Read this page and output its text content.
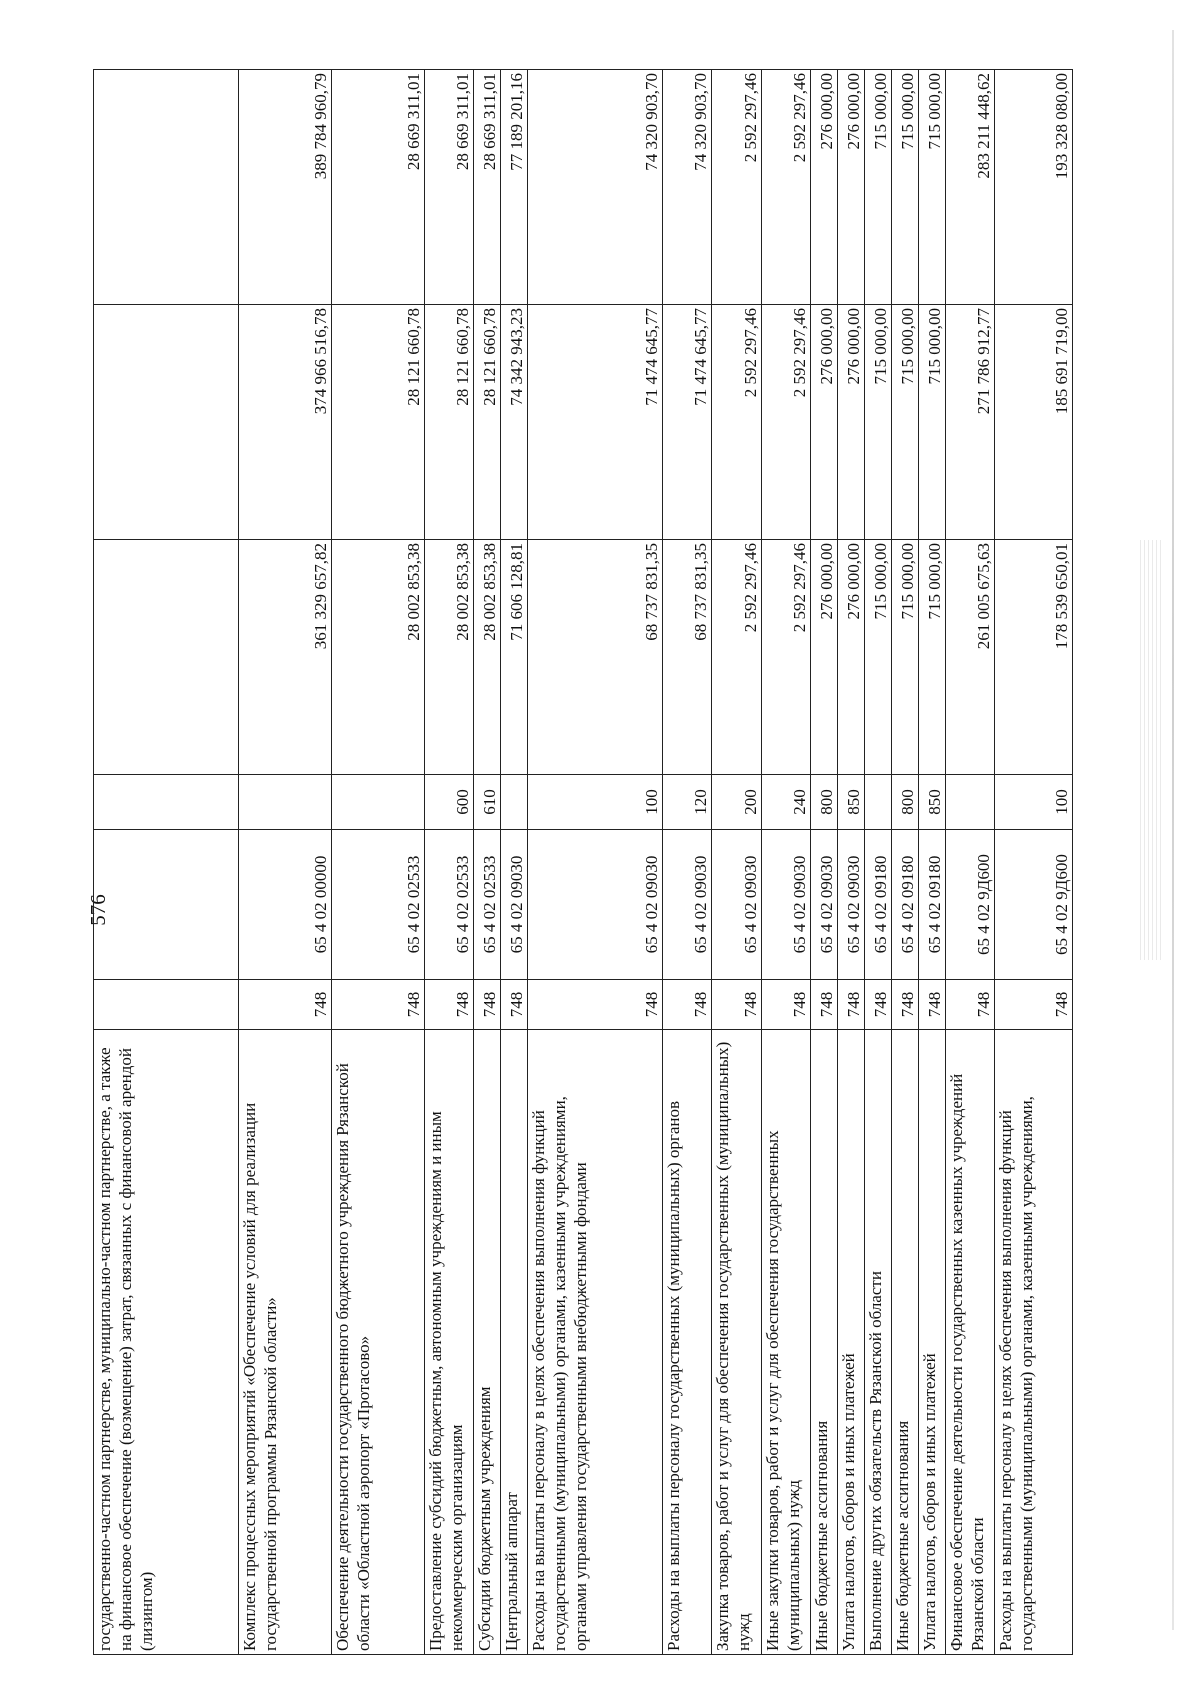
576
государственно-частном партнерстве, муниципально-частном партнерстве, а также на финансовое обеспечение (возмещение) затрат, связанных с финансовой арендой (лизингом)						
Комплекс процессных мероприятий «Обеспечение условий для реализации государственной программы Рязанской области»	748	65 4 02 00000		361 329 657,82	374 966 516,78	389 784 960,79
Обеспечение деятельности государственного бюджетного учреждения Рязанской области «Областной аэропорт «Протасово»	748	65 4 02 02533		28 002 853,38	28 121 660,78	28 669 311,01
Предоставление субсидий бюджетным, автономным учреждениям и иным некоммерческим организациям	748	65 4 02 02533	600	28 002 853,38	28 121 660,78	28 669 311,01
Субсидии бюджетным учреждениям	748	65 4 02 02533	610	28 002 853,38	28 121 660,78	28 669 311,01
Центральный аппарат	748	65 4 02 09030		71 606 128,81	74 342 943,23	77 189 201,16
Расходы на выплаты персоналу в целях обеспечения выполнения функций государственными (муниципальными) органами, казенными учреждениями, органами управления государственными внебюджетными фондами	748	65 4 02 09030	100	68 737 831,35	71 474 645,77	74 320 903,70
Расходы на выплаты персоналу государственных (муниципальных) органов	748	65 4 02 09030	120	68 737 831,35	71 474 645,77	74 320 903,70
Закупка товаров, работ и услуг для обеспечения государственных (муниципальных) нужд	748	65 4 02 09030	200	2 592 297,46	2 592 297,46	2 592 297,46
Иные закупки товаров, работ и услуг для обеспечения государственных (муниципальных) нужд	748	65 4 02 09030	240	2 592 297,46	2 592 297,46	2 592 297,46
Иные бюджетные ассигнования	748	65 4 02 09030	800	276 000,00	276 000,00	276 000,00
Уплата налогов, сборов и иных платежей	748	65 4 02 09030	850	276 000,00	276 000,00	276 000,00
Выполнение других обязательств Рязанской области	748	65 4 02 09180		715 000,00	715 000,00	715 000,00
Иные бюджетные ассигнования	748	65 4 02 09180	800	715 000,00	715 000,00	715 000,00
Уплата налогов, сборов и иных платежей	748	65 4 02 09180	850	715 000,00	715 000,00	715 000,00
Финансовое обеспечение деятельности государственных казенных учреждений Рязанской области	748	65 4 02 9Д600		261 005 675,63	271 786 912,77	283 211 448,62
Расходы на выплаты персоналу в целях обеспечения выполнения функций государственными (муниципальными) органами, казенными учреждениями,	748	65 4 02 9Д600	100	178 539 650,01	185 691 719,00	193 328 080,00
